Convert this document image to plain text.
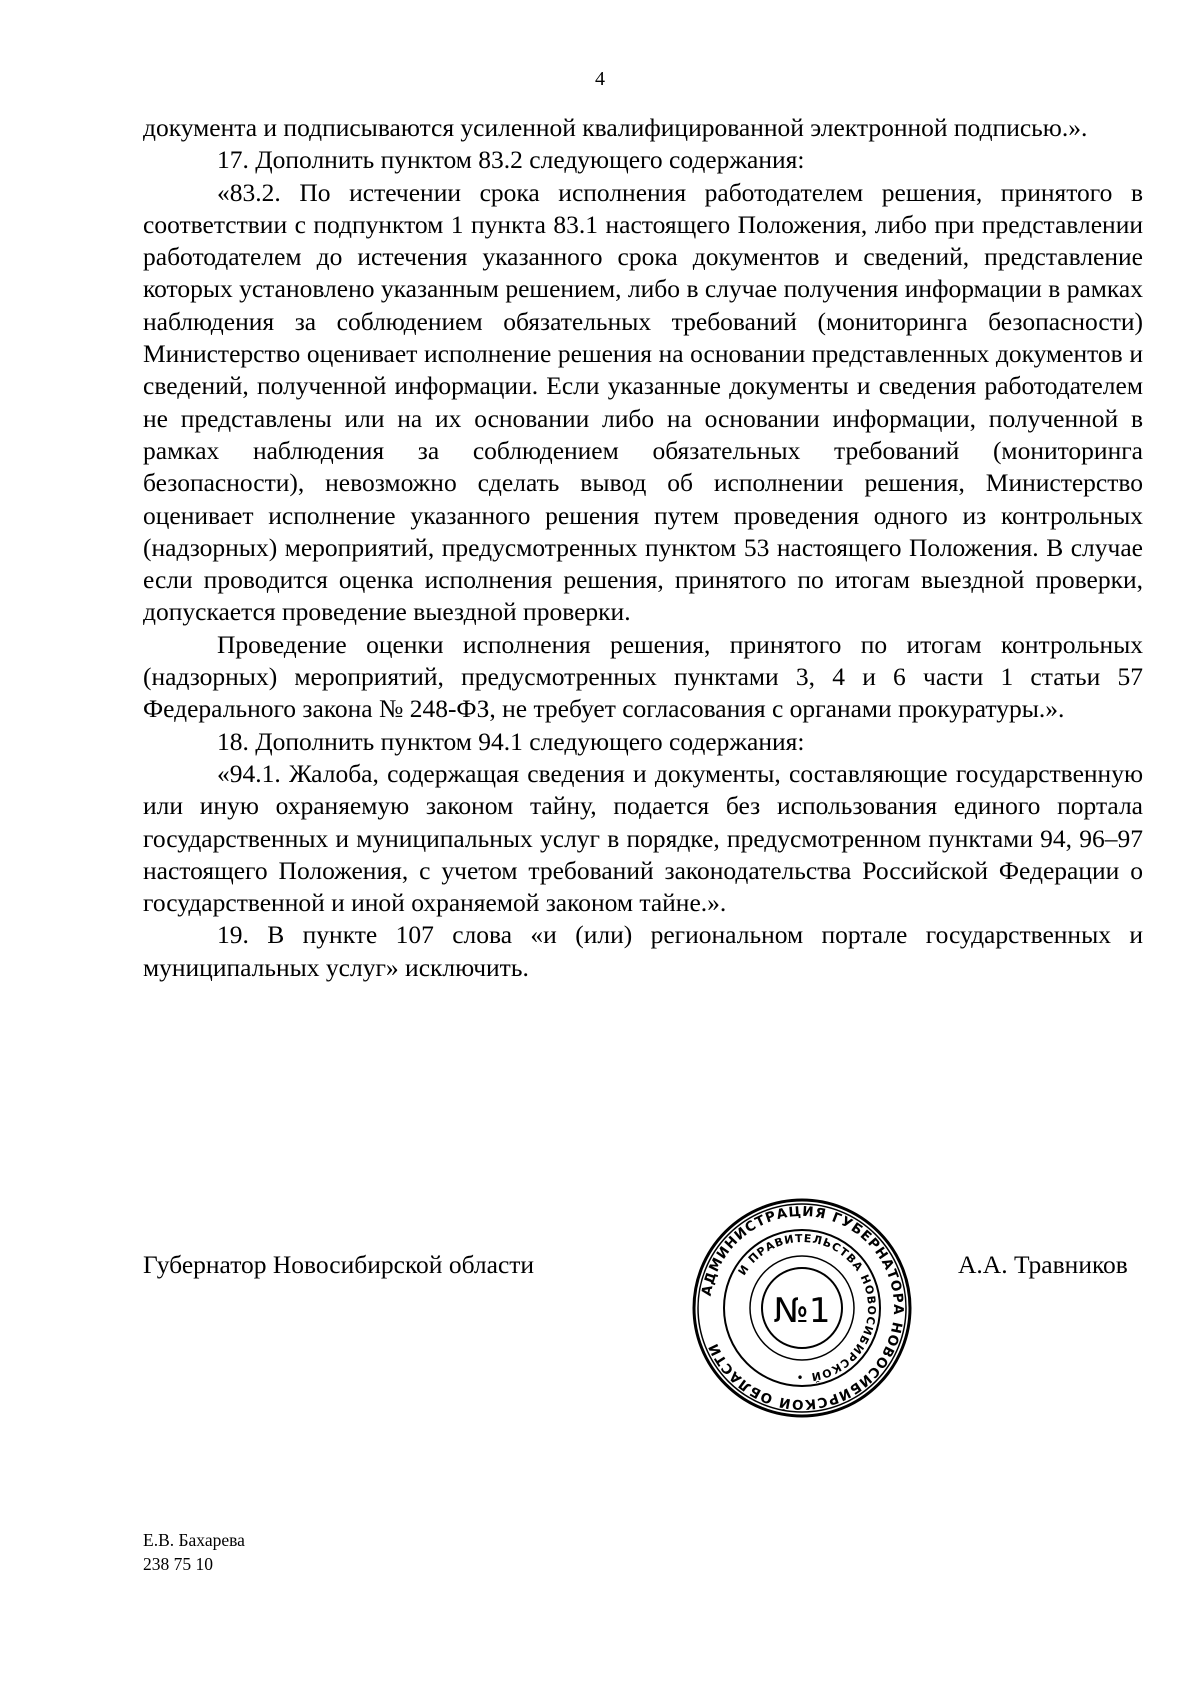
4

документа и подписываются усиленной квалифицированной электронной подписью.».

17. Дополнить пунктом 83.2 следующего содержания:

«83.2. По истечении срока исполнения работодателем решения, принятого в соответствии с подпунктом 1 пункта 83.1 настоящего Положения, либо при представлении работодателем до истечения указанного срока документов и сведений, представление которых установлено указанным решением, либо в случае получения информации в рамках наблюдения за соблюдением обязательных требований (мониторинга безопасности) Министерство оценивает исполнение решения на основании представленных документов и сведений, полученной информации. Если указанные документы и сведения работодателем не представлены или на их основании либо на основании информации, полученной в рамках наблюдения за соблюдением обязательных требований (мониторинга безопасности), невозможно сделать вывод об исполнении решения, Министерство оценивает исполнение указанного решения путем проведения одного из контрольных (надзорных) мероприятий, предусмотренных пунктом 53 настоящего Положения. В случае если проводится оценка исполнения решения, принятого по итогам выездной проверки, допускается проведение выездной проверки.

Проведение оценки исполнения решения, принятого по итогам контрольных (надзорных) мероприятий, предусмотренных пунктами 3, 4 и 6 части 1 статьи 57 Федерального закона № 248-ФЗ, не требует согласования с органами прокуратуры.».

18. Дополнить пунктом 94.1 следующего содержания:

«94.1. Жалоба, содержащая сведения и документы, составляющие государственную или иную охраняемую законом тайну, подается без использования единого портала государственных и муниципальных услуг в порядке, предусмотренном пунктами 94, 96–97 настоящего Положения, с учетом требований законодательства Российской Федерации о государственной и иной охраняемой законом тайне.».

19. В пункте 107 слова «и (или) региональном портале государственных и муниципальных услуг» исключить.

Губернатор Новосибирской области
АДМИНИСТРАЦИЯ ГУБЕРНАТОРА НОВОСИБИРСКОЙ ОБЛАСТИ
И ПРАВИТЕЛЬСТВА НОВОСИБИРСКОЙ
№1
•
А.А. Травников
Е.В. Бахарева
238 75 10
